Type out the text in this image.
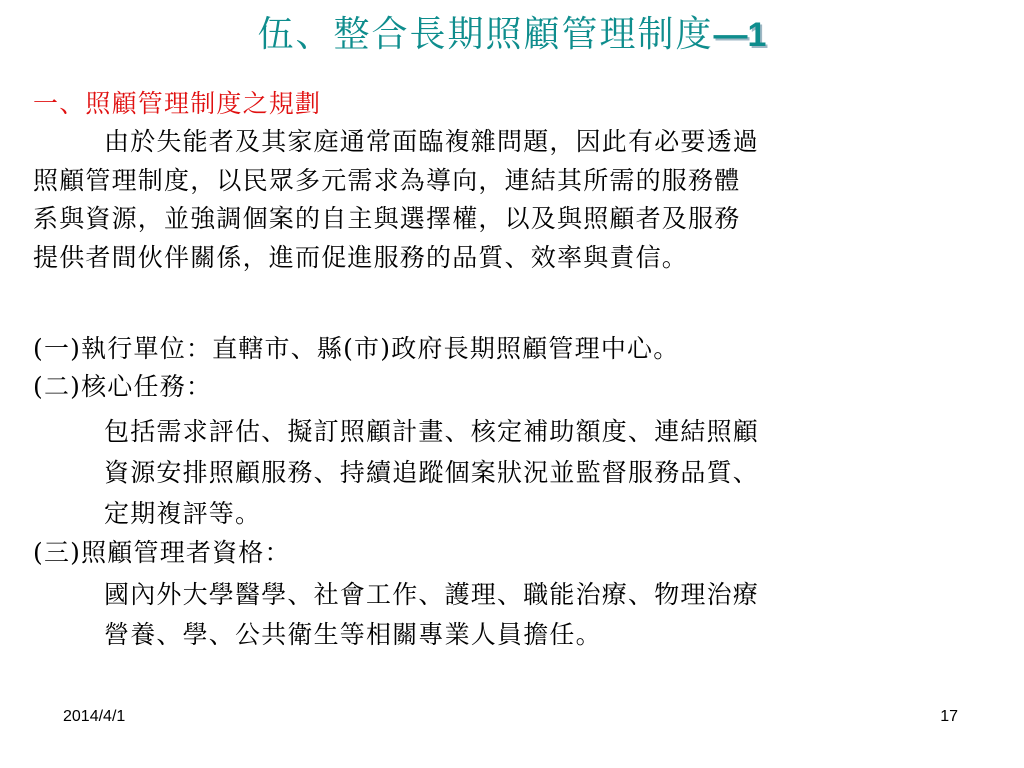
伍、整合長期照顧管理制度—1
一、照顧管理制度之規劃
由於失能者及其家庭通常面臨複雜問題，因此有必要透過
照顧管理制度，以民眾多元需求為導向，連結其所需的服務體
系與資源，並強調個案的自主與選擇權，以及與照顧者及服務
提供者間伙伴關係，進而促進服務的品質、效率與責信。
(一)執行單位：直轄市、縣(市)政府長期照顧管理中心。
(二)核心任務：
包括需求評估、擬訂照顧計畫、核定補助額度、連結照顧
資源安排照顧服務、持續追蹤個案狀況並監督服務品質、
定期複評等。
(三)照顧管理者資格：
國內外大學醫學、社會工作、護理、職能治療、物理治療
營養、學、公共衛生等相關專業人員擔任。
2014/4/1	17
